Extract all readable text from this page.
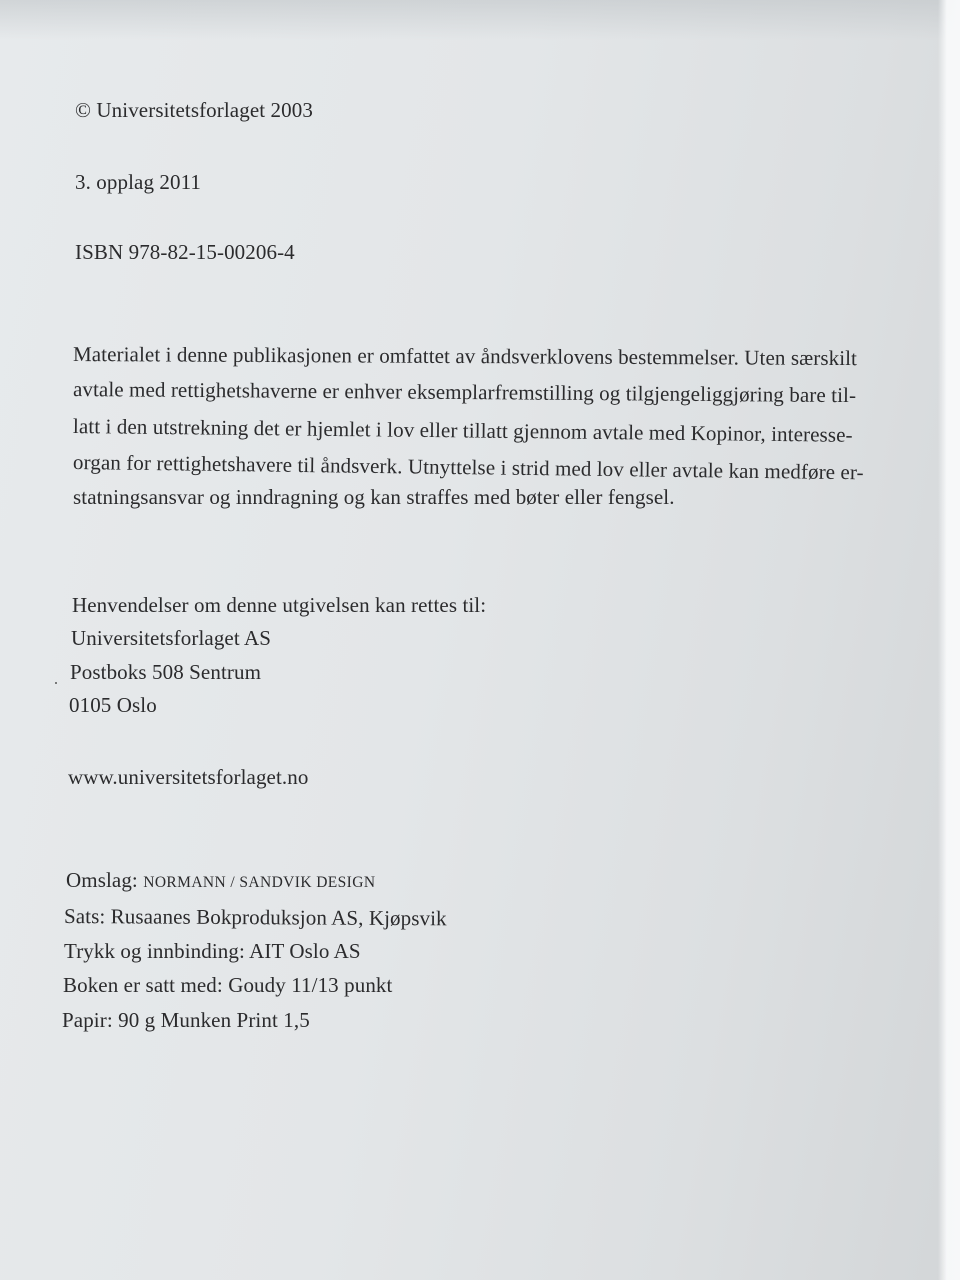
© Universitetsforlaget 2003
3. opplag 2011
ISBN 978-82-15-00206-4
Materialet i denne publikasjonen er omfattet av åndsverklovens bestemmelser. Uten særskilt
avtale med rettighetshaverne er enhver eksemplarfremstilling og tilgjengeliggjøring bare til-
latt i den utstrekning det er hjemlet i lov eller tillatt gjennom avtale med Kopinor, interesse-
organ for rettighetshavere til åndsverk. Utnyttelse i strid med lov eller avtale kan medføre er-
statningsansvar og inndragning og kan straffes med bøter eller fengsel.
Henvendelser om denne utgivelsen kan rettes til:
Universitetsforlaget AS
Postboks 508 Sentrum
0105 Oslo
www.universitetsforlaget.no
Omslag: NORMANN / SANDVIK DESIGN
Sats: Rusaanes Bokproduksjon AS, Kjøpsvik
Trykk og innbinding: AIT Oslo AS
Boken er satt med: Goudy 11/13 punkt
Papir: 90 g Munken Print 1,5
